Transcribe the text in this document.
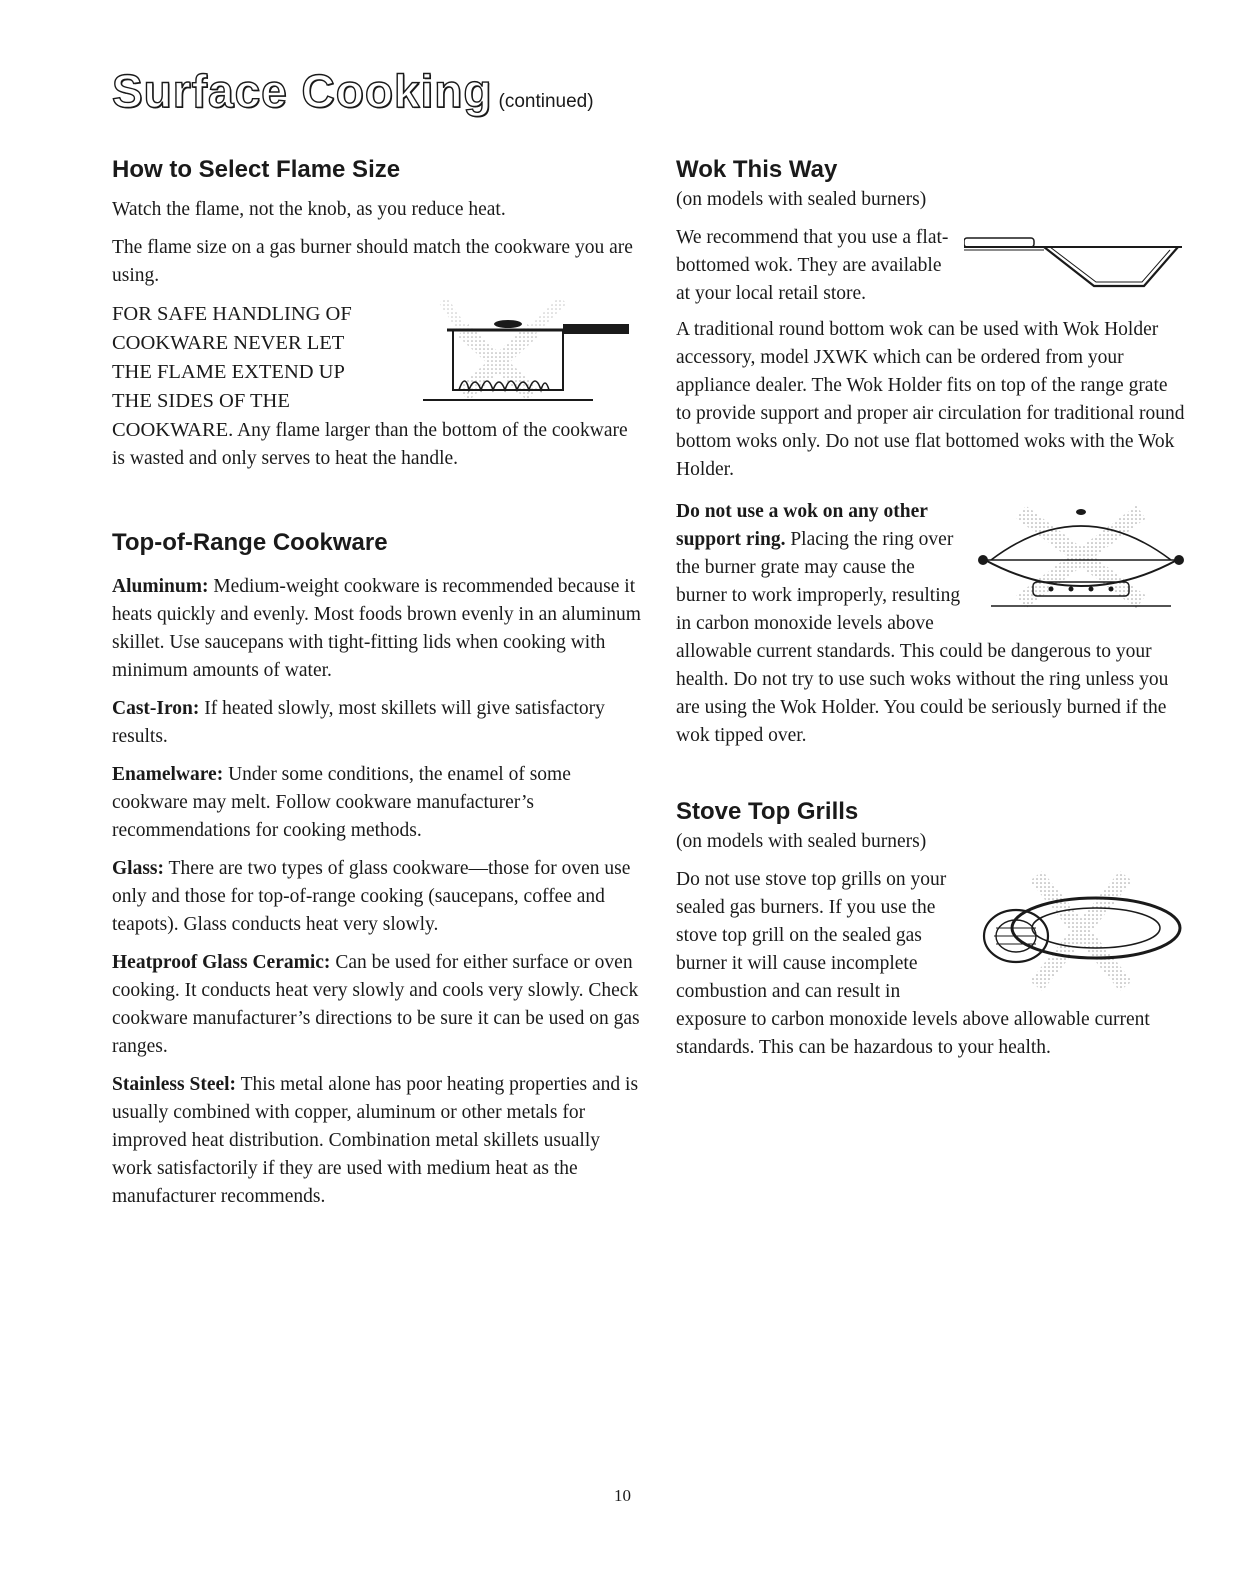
Surface Cooking (continued)
How to Select Flame Size

Watch the flame, not the knob, as you reduce heat.

The flame size on a gas burner should match the cookware you are using.

FOR SAFE HANDLING OF
COOKWARE NEVER LET
THE FLAME EXTEND UP
THE SIDES OF THE
COOKWARE. Any flame larger than the bottom of the cookware is wasted and only serves to heat the handle.

Top-of-Range Cookware

Aluminum: Medium-weight cookware is recommended because it heats quickly and evenly. Most foods brown evenly in an aluminum skillet. Use saucepans with tight-fitting lids when cooking with minimum amounts of water.

Cast-Iron: If heated slowly, most skillets will give satisfactory results.

Enamelware: Under some conditions, the enamel of some cookware may melt. Follow cookware manufacturer’s recommendations for cooking methods.

Glass: There are two types of glass cookware—those for oven use only and those for top-of-range cooking (saucepans, coffee and teapots). Glass conducts heat very slowly.

Heatproof Glass Ceramic: Can be used for either surface or oven cooking. It conducts heat very slowly and cools very slowly. Check cookware manufacturer’s directions to be sure it can be used on gas ranges.

Stainless Steel: This metal alone has poor heating properties and is usually combined with copper, aluminum or other metals for improved heat distribution. Combination metal skillets usually work satisfactorily if they are used with medium heat as the manufacturer recommends.

Wok This Way

(on models with sealed burners)

We recommend that you use a flat-bottomed wok. They are available at your local retail store.

A traditional round bottom wok can be used with Wok Holder accessory, model JXWK which can be ordered from your appliance dealer. The Wok Holder fits on top of the range grate to provide support and proper air circulation for traditional round bottom woks only. Do not use flat bottomed woks with the Wok Holder.

Do not use a wok on any other support ring. Placing the ring over the burner grate may cause the burner to work improperly, resulting in carbon monoxide levels above allowable current standards. This could be dangerous to your health. Do not try to use such woks without the ring unless you are using the Wok Holder. You could be seriously burned if the wok tipped over.

Stove Top Grills

(on models with sealed burners)

Do not use stove top grills on your sealed gas burners. If you use the stove top grill on the sealed gas burner it will cause incomplete combustion and can result in exposure to carbon monoxide levels above allowable current standards. This can be hazardous to your health.

10
